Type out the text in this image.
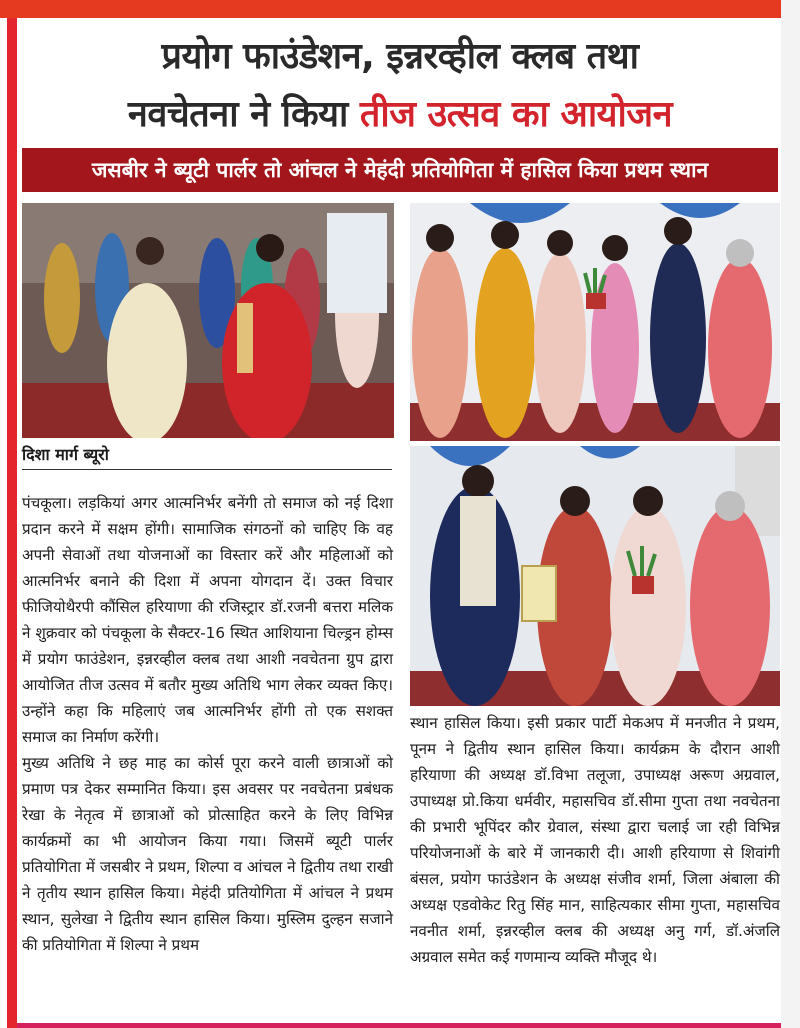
प्रयोग फाउंडेशन, इन्नरव्हील क्लब तथा
नवचेतना ने किया तीज उत्सव का आयोजन
जसबीर ने ब्यूटी पार्लर तो आंचल ने मेहंदी प्रतियोगिता में हासिल किया प्रथम स्थान
दिशा मार्ग ब्यूरो

पंचकूला। लड़कियां अगर आत्मनिर्भर बनेंगी तो समाज को नई दिशा प्रदान करने में सक्षम होंगी। सामाजिक संगठनों को चाहिए कि वह अपनी सेवाओं तथा योजनाओं का विस्तार करें और महिलाओं को आत्मनिर्भर बनाने की दिशा में अपना योगदान दें। उक्त विचार फीजियोथैरपी कौंसिल हरियाणा की रजिस्ट्रार डॉ.रजनी बत्तरा मलिक ने शुक्रवार को पंचकूला के सैक्टर-16 स्थित आशियाना चिल्ड्रन होम्स में प्रयोग फाउंडेशन, इन्नरव्हील क्लब तथा आशी नवचेतना ग्रुप द्वारा आयोजित तीज उत्सव में बतौर मुख्य अतिथि भाग लेकर व्यक्त किए। उन्होंने कहा कि महिलाएं जब आत्मनिर्भर होंगी तो एक सशक्त समाज का निर्माण करेंगी।

मुख्य अतिथि ने छह माह का कोर्स पूरा करने वाली छात्राओं को प्रमाण पत्र देकर सम्मानित किया। इस अवसर पर नवचेतना प्रबंधक रेखा के नेतृत्व में छात्राओं को प्रोत्साहित करने के लिए विभिन्न कार्यक्रमों का भी आयोजन किया गया। जिसमें ब्यूटी पार्लर प्रतियोगिता में जसबीर ने प्रथम, शिल्पा व आंचल ने द्वितीय तथा राखी ने तृतीय स्थान हासिल किया। मेहंदी प्रतियोगिता में आंचल ने प्रथम स्थान, सुलेखा ने द्वितीय स्थान हासिल किया। मुस्लिम दुल्हन सजाने की प्रतियोगिता में शिल्पा ने प्रथम

स्थान हासिल किया। इसी प्रकार पार्टी मेकअप में मनजीत ने प्रथम, पूनम ने द्वितीय स्थान हासिल किया। कार्यक्रम के दौरान आशी हरियाणा की अध्यक्ष डॉ.विभा तलूजा, उपाध्यक्ष अरूण अग्रवाल, उपाध्यक्ष प्रो.किया धर्मवीर, महासचिव डॉ.सीमा गुप्ता तथा नवचेतना की प्रभारी भूपिंदर कौर ग्रेवाल, संस्था द्वारा चलाई जा रही विभिन्न परियोजनाओं के बारे में जानकारी दी। आशी हरियाणा से शिवांगी बंसल, प्रयोग फाउंडेशन के अध्यक्ष संजीव शर्मा, जिला अंबाला की अध्यक्ष एडवोकेट रितु सिंह मान, साहित्यकार सीमा गुप्ता, महासचिव नवनीत शर्मा, इन्नरव्हील क्लब की अध्यक्ष अनु गर्ग, डॉ.अंजलि अग्रवाल समेत कई गणमान्य व्यक्ति मौजूद थे।
